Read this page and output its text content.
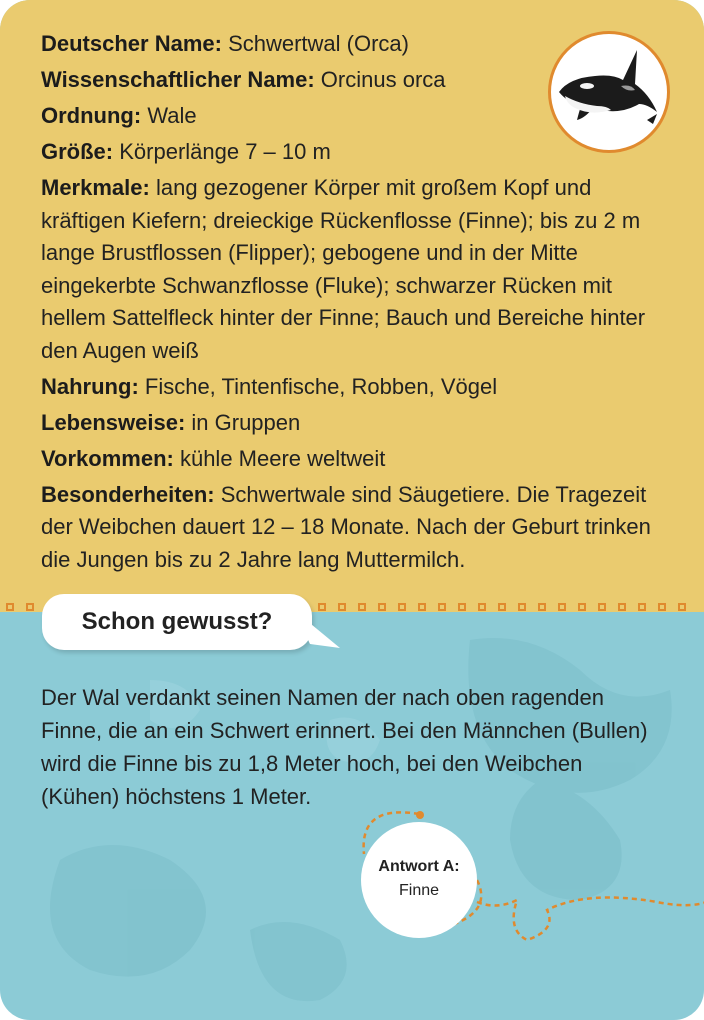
Deutscher Name: Schwertwal (Orca)
Wissenschaftlicher Name: Orcinus orca
Ordnung: Wale
Größe: Körperlänge 7 – 10 m
Merkmale: lang gezogener Körper mit großem Kopf und kräftigen Kiefern; dreieckige Rückenflosse (Finne); bis zu 2 m lange Brustflossen (Flipper); gebogene und in der Mitte eingekerbte Schwanzflosse (Fluke); schwarzer Rücken mit hellem Sattelfleck hinter der Finne; Bauch und Bereiche hinter den Augen weiß
Nahrung: Fische, Tintenfische, Robben, Vögel
Lebensweise: in Gruppen
Vorkommen: kühle Meere weltweit
Besonderheiten: Schwertwale sind Säugetiere. Die Tragezeit der Weibchen dauert 12 – 18 Monate. Nach der Geburt trinken die Jungen bis zu 2 Jahre lang Muttermilch.
Schon gewusst?
Der Wal verdankt seinen Namen der nach oben ragenden Finne, die an ein Schwert erinnert. Bei den Männchen (Bullen) wird die Finne bis zu 1,8 Meter hoch, bei den Weibchen (Kühen) höchstens 1 Meter.
Antwort A:
Finne
